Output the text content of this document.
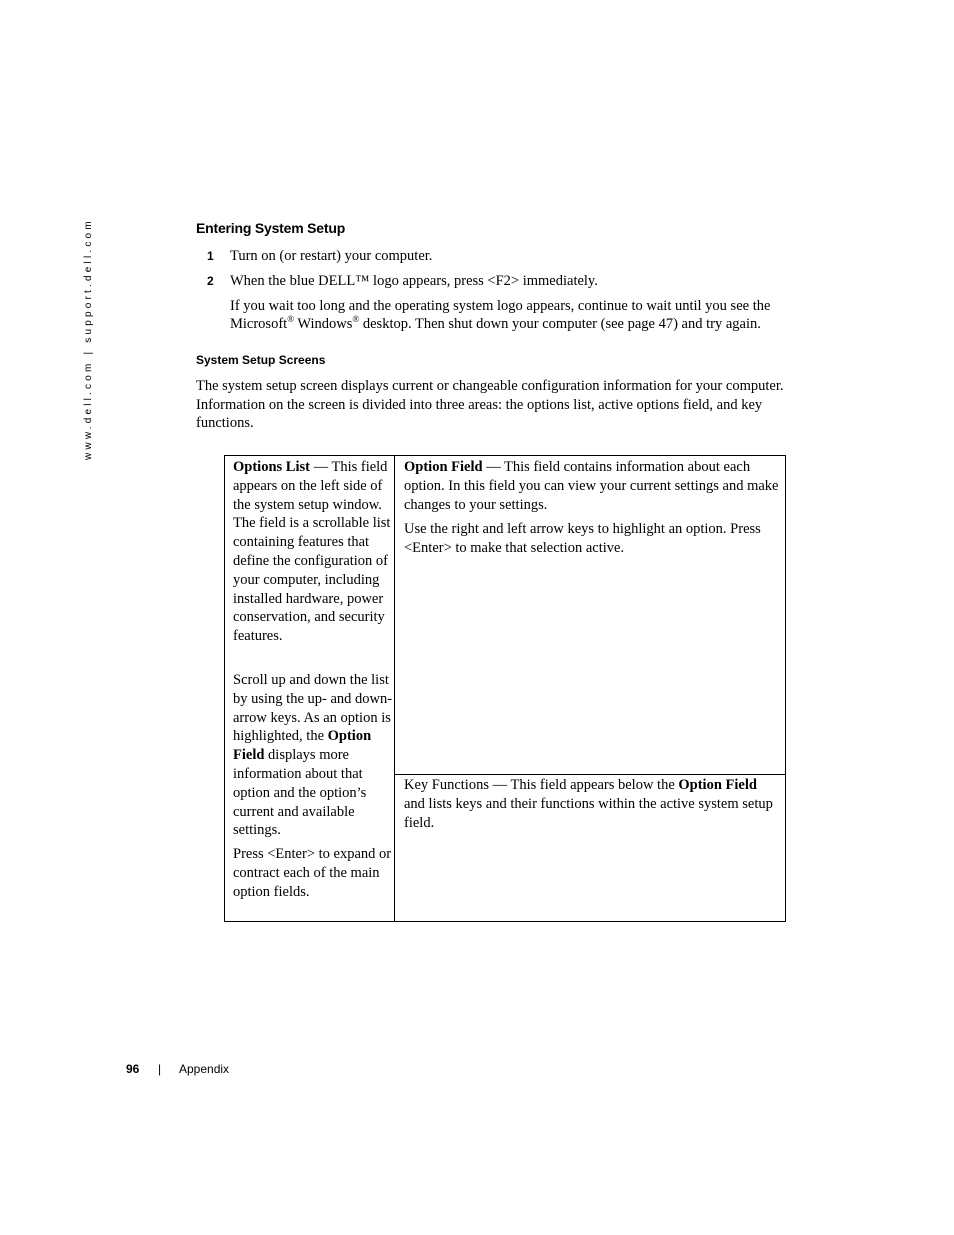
www.dell.com | support.dell.com	Entering System Setup
1 Turn on (or restart) your computer.
2 When the blue DELL™ logo appears, press <F2> immediately.
If you wait too long and the operating system logo appears, continue to wait until you see the Microsoft® Windows® desktop. Then shut down your computer (see page 47) and try again.
System Setup Screens
The system setup screen displays current or changeable configuration information for your computer. Information on the screen is divided into three areas: the options list, active options field, and key functions.

Options List — This field appears on the left side of the system setup window. The field is a scrollable list containing features that define the configuration of your computer, including installed hardware, power conservation, and security features.

Scroll up and down the list by using the up- and down- arrow keys. As an option is highlighted, the Option Field displays more information about that option and the option’s current and available settings.

Press <Enter> to expand or contract each of the main option fields.

Option Field — This field contains information about each option. In this field you can view your current settings and make changes to your settings.

Use the right and left arrow keys to highlight an option. Press <Enter> to make that selection active.

Key Functions — This field appears below the Option Field and lists keys and their functions within the active system setup field.

96 | Appendix
